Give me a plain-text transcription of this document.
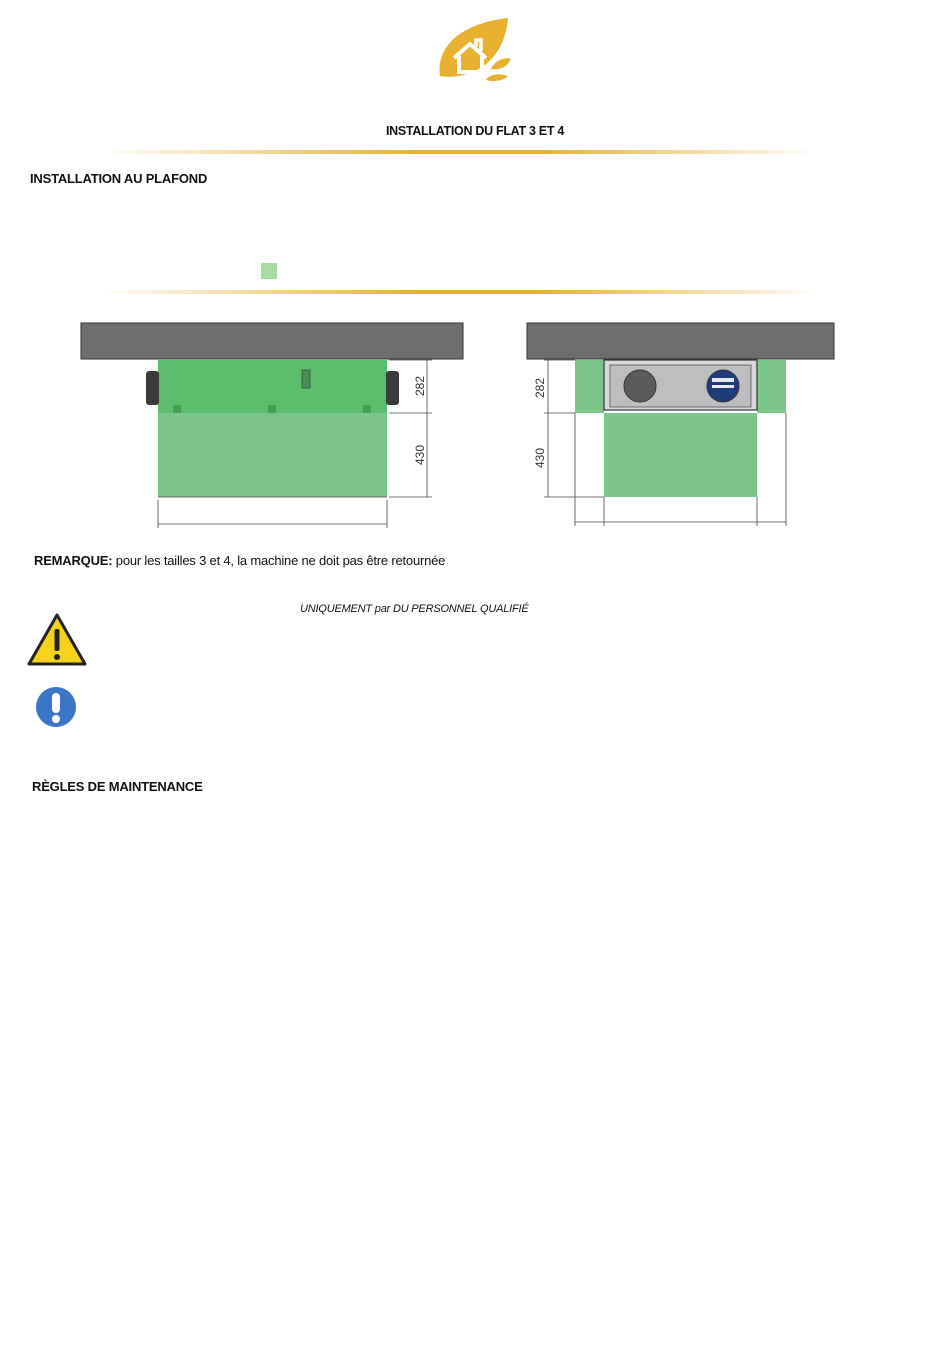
INSTALLATION DU FLAT 3 ET 4
INSTALLATION AU PLAFOND
282
430
282
430
REMARQUE: pour les tailles 3 et 4, la machine ne doit pas être retournée
UNIQUEMENT par DU PERSONNEL QUALIFIÉ
RÈGLES DE MAINTENANCE
